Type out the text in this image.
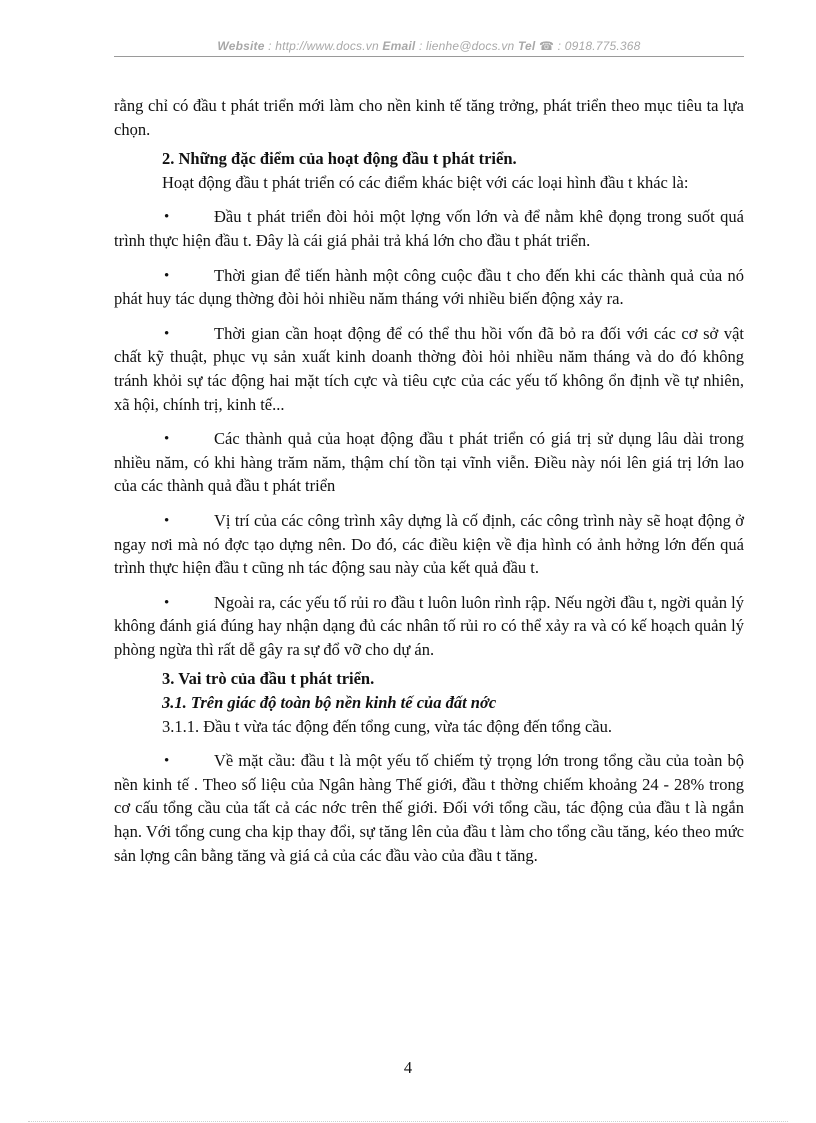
Website : http://www.docs.vn Email : lienhe@docs.vn Tel ☎ : 0918.775.368

rằng chỉ có đầu t phát triển mới làm cho nền kinh tế tăng trởng, phát triển theo mục tiêu ta lựa chọn.

2. Những đặc điểm của hoạt động đầu t phát triển.

Hoạt động đầu t phát triển có các điểm khác biệt với các loại hình đầu t khác là:

•	Đầu t phát triển đòi hỏi một lợng vốn lớn và để nằm khê đọng trong suốt quá trình thực hiện đầu t. Đây là cái giá phải trả khá lớn cho đầu t phát triển.

•	Thời gian để tiến hành một công cuộc đầu t cho đến khi các thành quả của nó phát huy tác dụng thờng đòi hỏi nhiều năm tháng với nhiều biến động xảy ra.

•	Thời gian cần hoạt động để có thể thu hồi vốn đã bỏ ra đối với các cơ sở vật chất kỹ thuật, phục vụ sản xuất kinh doanh thờng đòi hỏi nhiều năm tháng và do đó không tránh khỏi sự tác động hai mặt tích cực và tiêu cực của các yếu tố không ổn định về tự nhiên, xã hội, chính trị, kinh tế...

•	Các thành quả của hoạt động đầu t phát triển có giá trị sử dụng lâu dài trong nhiều năm, có khi hàng trăm năm, thậm chí tồn tại vĩnh viễn. Điều này nói lên giá trị lớn lao của các thành quả đầu t phát triển

•	Vị trí của các công trình xây dựng là cố định, các công trình này sẽ hoạt động ở ngay nơi mà nó đợc tạo dựng nên. Do đó, các điều kiện về địa hình có ảnh hởng lớn đến quá trình thực hiện đầu t cũng nh tác động sau này của kết quả đầu t.

•	Ngoài ra, các yếu tố rủi ro đầu t luôn luôn rình rập. Nếu ngời đầu t, ngời quản lý không đánh giá đúng hay nhận dạng đủ các nhân tố rủi ro có thể xảy ra và có kế hoạch quản lý phòng ngừa thì rất dễ gây ra sự đổ vỡ cho dự án.

3. Vai trò của đầu t phát triển.

3.1. Trên giác độ toàn bộ nền kinh tế của đất nớc

3.1.1. Đầu t vừa tác động đến tổng cung, vừa tác động đến tổng cầu.

•	Về mặt cầu: đầu t là một yếu tố chiếm tỷ trọng lớn trong tổng cầu của toàn bộ nền kinh tế . Theo số liệu của Ngân hàng Thế giới, đầu t thờng chiếm khoảng 24 - 28% trong cơ cấu tổng cầu của tất cả các nớc trên thế giới. Đối với tổng cầu, tác động của đầu t là ngắn hạn. Với tổng cung cha kịp thay đổi, sự tăng lên của đầu t làm cho tổng cầu tăng, kéo theo mức sản lợng cân bằng tăng và giá cả của các đầu vào của đầu t tăng.

4
